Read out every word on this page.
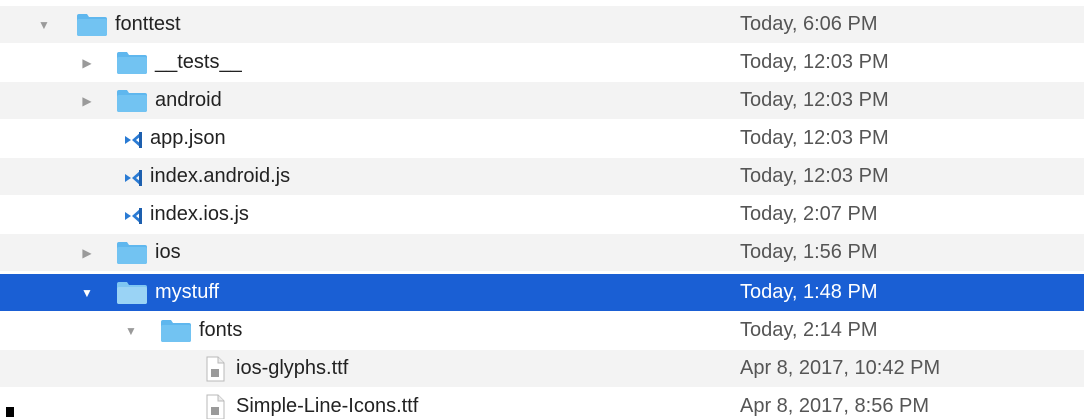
▼	fonttest	Today, 6:06 PM
▶	__tests__	Today, 12:03 PM
▶	android	Today, 12:03 PM
app.json	Today, 12:03 PM
index.android.js	Today, 12:03 PM
index.ios.js	Today, 2:07 PM
▶	ios	Today, 1:56 PM
▼	mystuff	Today, 1:48 PM
▼	fonts	Today, 2:14 PM
ios-glyphs.ttf	Apr 8, 2017, 10:42 PM
Simple-Line-Icons.ttf	Apr 8, 2017, 8:56 PM
